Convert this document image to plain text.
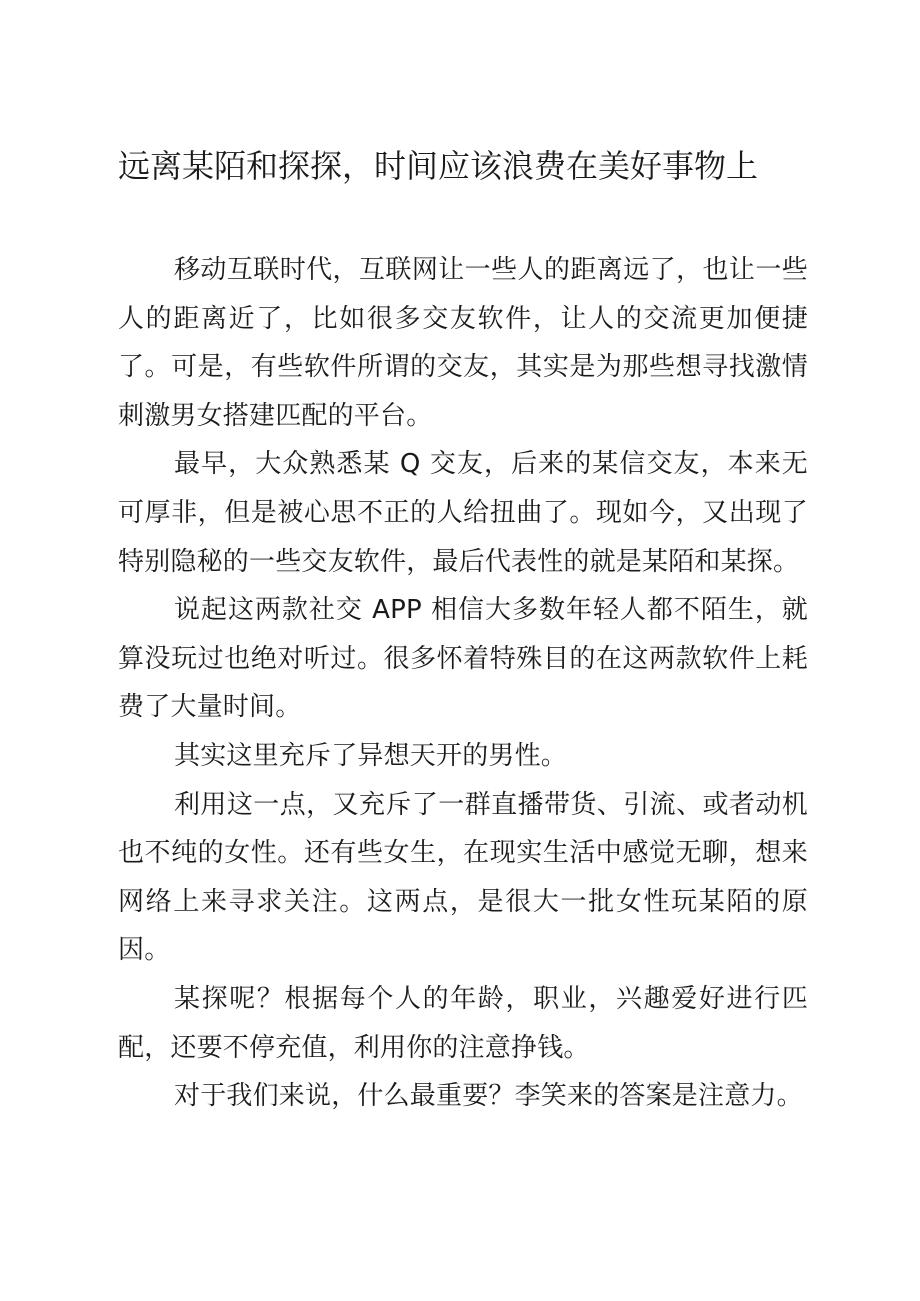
远离某陌和探探，时间应该浪费在美好事物上

移动互联时代，互联网让一些人的距离远了，也让一些人的距离近了，比如很多交友软件，让人的交流更加便捷了。可是，有些软件所谓的交友，其实是为那些想寻找激情刺激男女搭建匹配的平台。

最早，大众熟悉某 Q 交友，后来的某信交友，本来无可厚非，但是被心思不正的人给扭曲了。现如今，又出现了特别隐秘的一些交友软件，最后代表性的就是某陌和某探。

说起这两款社交 APP 相信大多数年轻人都不陌生，就算没玩过也绝对听过。很多怀着特殊目的在这两款软件上耗费了大量时间。

其实这里充斥了异想天开的男性。

利用这一点，又充斥了一群直播带货、引流、或者动机也不纯的女性。还有些女生，在现实生活中感觉无聊，想来网络上来寻求关注。这两点，是很大一批女性玩某陌的原因。

某探呢？根据每个人的年龄，职业，兴趣爱好进行匹配，还要不停充值，利用你的注意挣钱。

对于我们来说，什么最重要？李笑来的答案是注意力。
